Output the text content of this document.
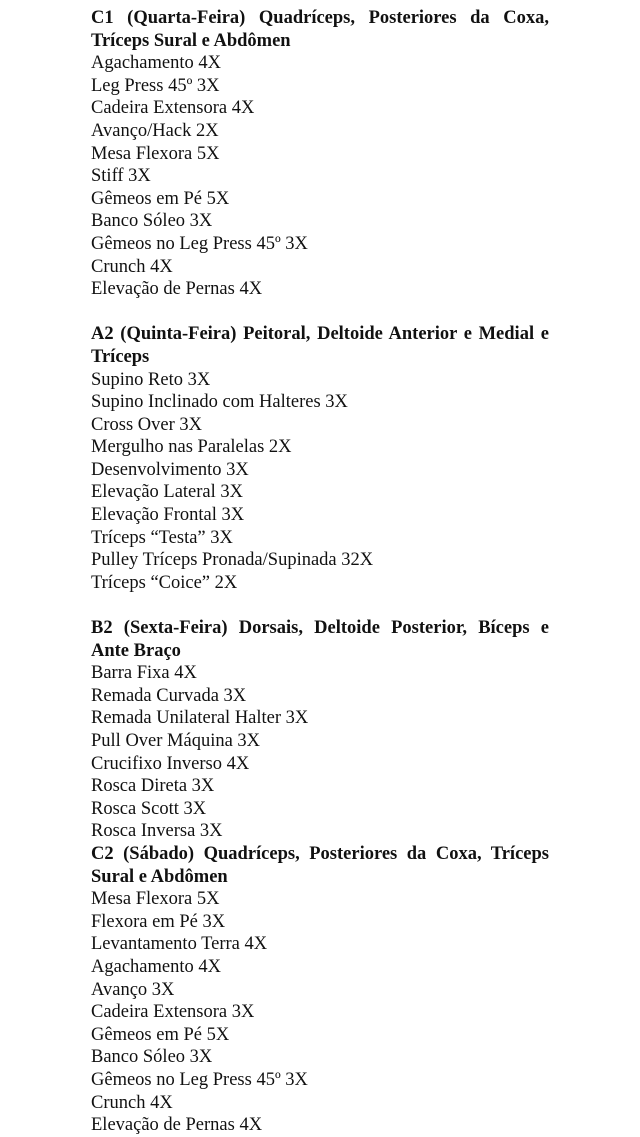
C1 (Quarta-Feira) Quadríceps, Posteriores da Coxa, Tríceps Sural e Abdômen

Agachamento 4X

Leg Press 45º 3X

Cadeira Extensora 4X

Avanço/Hack 2X

Mesa Flexora 5X

Stiff 3X

Gêmeos em Pé 5X

Banco Sóleo 3X

Gêmeos no Leg Press 45º 3X

Crunch 4X

Elevação de Pernas 4X

A2 (Quinta-Feira) Peitoral, Deltoide Anterior e Medial e Tríceps

Supino Reto 3X

Supino Inclinado com Halteres 3X

Cross Over 3X

Mergulho nas Paralelas 2X

Desenvolvimento 3X

Elevação Lateral 3X

Elevação Frontal 3X

Tríceps “Testa” 3X

Pulley Tríceps Pronada/Supinada 32X

Tríceps “Coice” 2X

B2 (Sexta-Feira) Dorsais, Deltoide Posterior, Bíceps e Ante Braço

Barra Fixa 4X

Remada Curvada 3X

Remada Unilateral Halter 3X

Pull Over Máquina 3X

Crucifixo Inverso 4X

Rosca Direta 3X

Rosca Scott 3X

Rosca Inversa 3X

C2 (Sábado) Quadríceps, Posteriores da Coxa, Tríceps Sural e Abdômen

Mesa Flexora 5X

Flexora em Pé 3X

Levantamento Terra 4X

Agachamento 4X

Avanço 3X

Cadeira Extensora 3X

Gêmeos em Pé 5X

Banco Sóleo 3X

Gêmeos no Leg Press 45º 3X

Crunch 4X

Elevação de Pernas 4X
